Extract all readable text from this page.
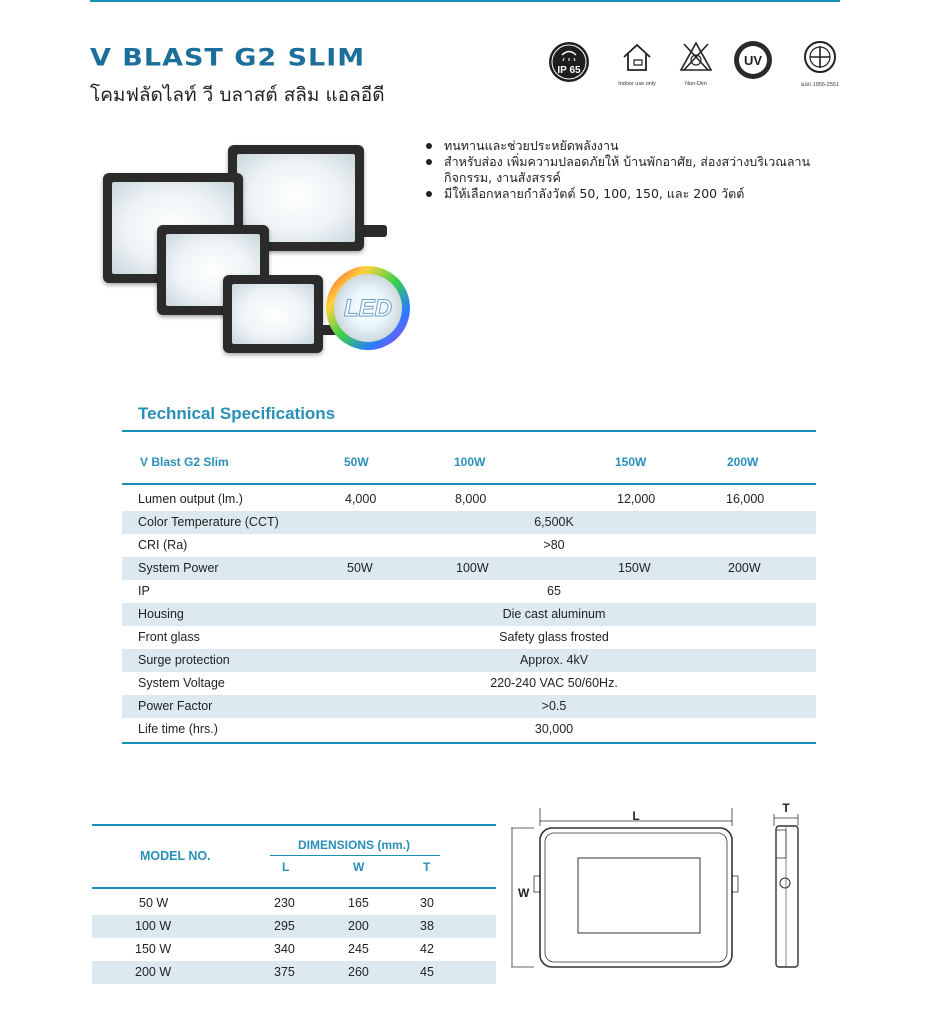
V BLAST G2 SLIM
โคมฟลัดไลท์ วี บลาสต์ สลิม แอลอีดี
IP 65
Indoor use only	Non-Dim
UV
มอก.1955-2551
LED
ทนทานและช่วยประหยัดพลังงาน
สำหรับส่อง เพิ่มความปลอดภัยให้ บ้านพักอาศัย, ส่องสว่างบริเวณลาน กิจกรรม, งานสังสรรค์
มีให้เลือกหลายกำลังวัตต์ 50, 100, 150, และ 200 วัตต์
Technical Specifications
V Blast G2 Slim	50W	100W	150W	200W
Lumen output (lm.)	4,000	8,000	12,000	16,000
Color Temperature (CCT)	6,500K
CRI (Ra)	>80
System Power	50W	100W	150W	200W
IP	65
Housing	Die cast aluminum
Front glass	Safety glass frosted
Surge protection	Approx. 4kV
System Voltage	220-240 VAC 50/60Hz.
Power Factor	>0.5
Life time (hrs.)	30,000
MODEL NO.
DIMENSIONS (mm.)
L	W	T
50 W	230	165	30
100 W	295	200	38
150 W	340	245	42
200 W	375	260	45
L
W
T
